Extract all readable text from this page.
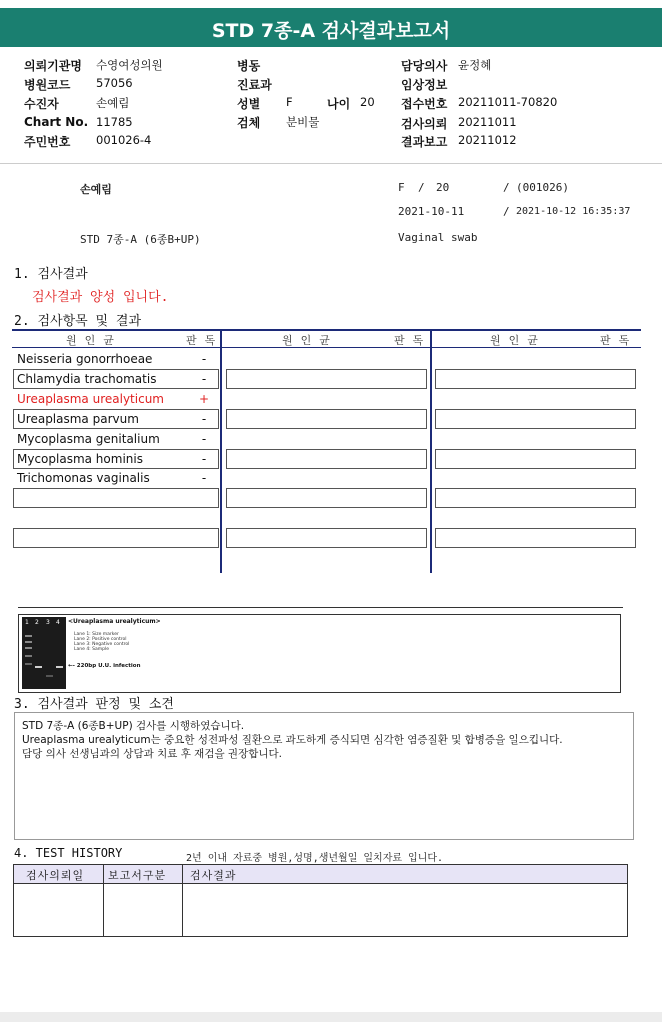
STD 7종-A 검사결과보고서
의뢰기관명 수영여성의원
병원코드 57056
수진자	손예림
Chart No. 11785
주민번호 001026-4
병동
진료과
성별 F	나이 20
검체 분비물
담당의사 윤정혜
임상정보
접수번호 20211011-70820
검사의뢰 20211011
결과보고 20211012
손예림	F / 20	/ (001026)
2021-10-11	/ 2021-10-12 16:35:37
STD 7종-A (6종B+UP)	Vaginal swab
1. 검사결과
검사결과 양성 입니다.
2. 검사항목 및 결과
원인균	판독	원인균	판독	원인균	판독
Neisseria gonorrhoeae	-
Chlamydia trachomatis	-
Ureaplasma urealyticum	+
Ureaplasma parvum	-
Mycoplasma genitalium	-
Mycoplasma hominis	-
Trichomonas vaginalis	-
1 2 3 4 <Ureaplasma urealyticum>
Lane 1: Size marker
Lane 2: Positive control
Lane 3: Negative control
Lane 4: Sample
←- 220bp U.U. infection
3. 검사결과 판정 및 소견
STD 7종-A (6종B+UP) 검사를 시행하였습니다.
Ureaplasma urealyticum는 중요한 성전파성 질환으로 과도하게 증식되면 심각한 염증질환 및 합병증을 일으킵니다.
담당 의사 선생님과의 상담과 치료 후 재검을 권장합니다.
4. TEST HISTORY	2년 이내 자료중 병원,성명,생년월일 일치자료 입니다.
검사의뢰일 보고서구분 검사결과
